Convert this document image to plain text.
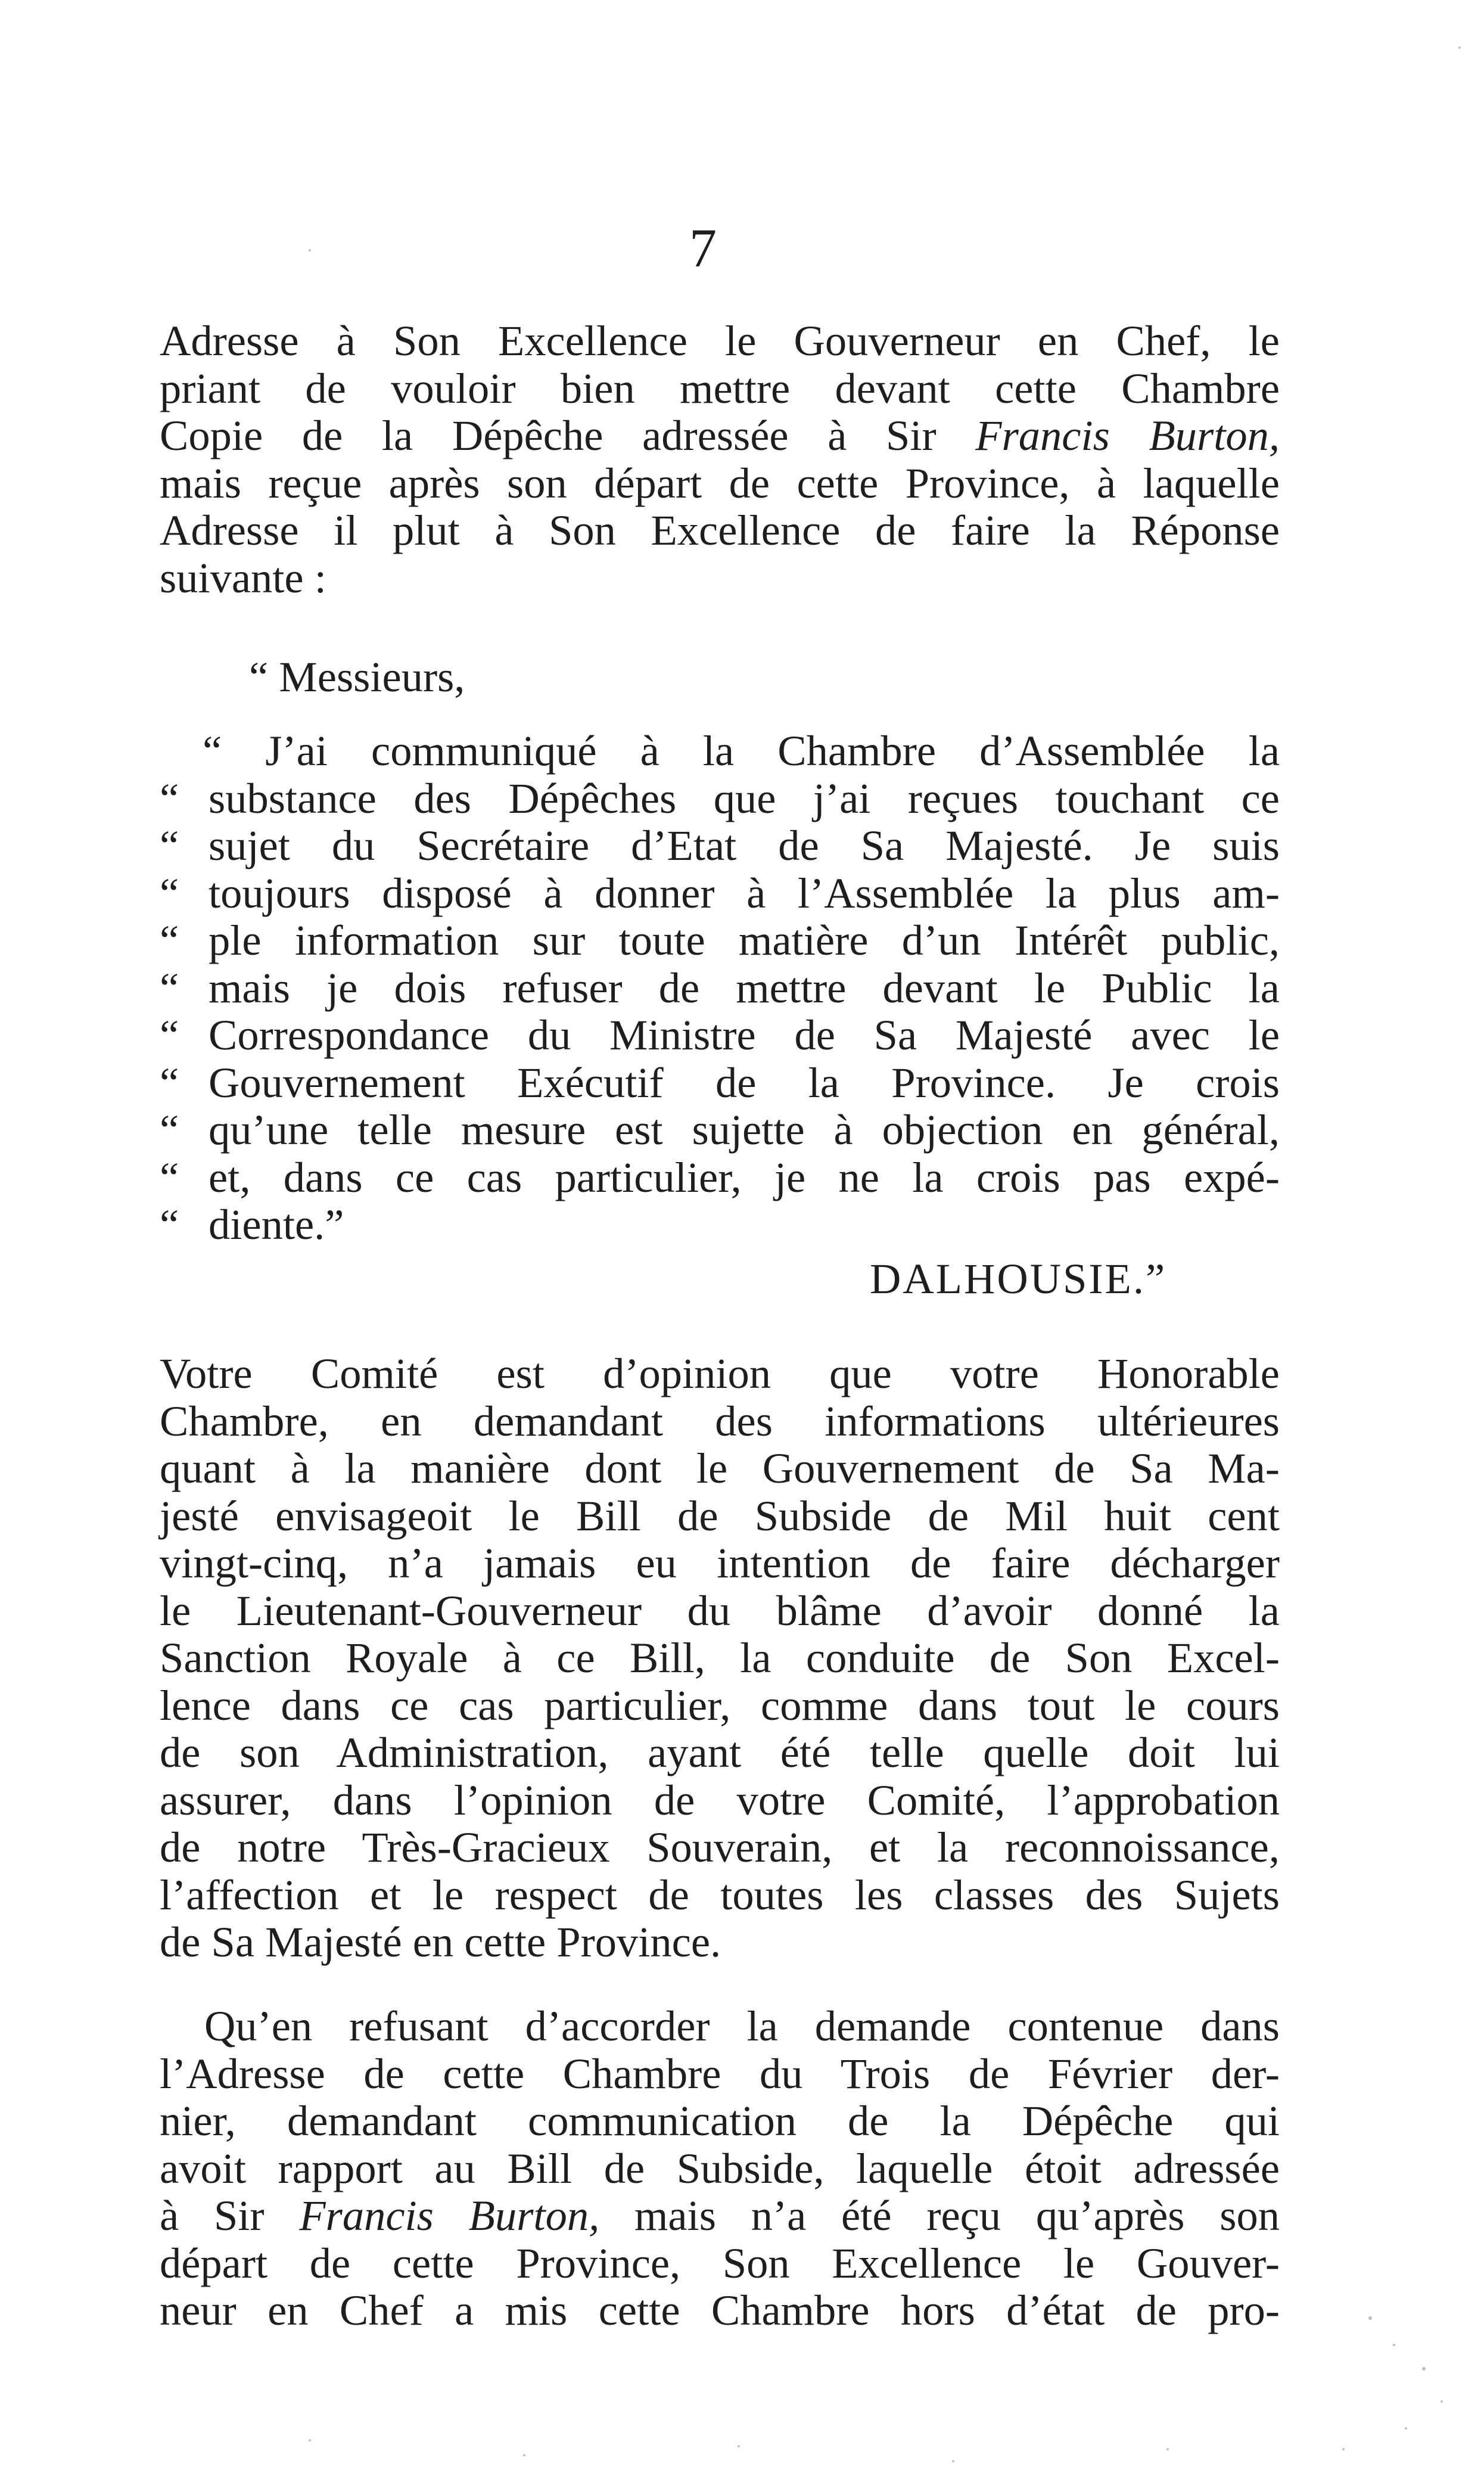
7
Adresse à Son Excellence le Gouverneur en Chef, le
priant de vouloir bien mettre devant cette Chambre
Copie de la Dépêche adressée à Sir Francis Burton,
mais reçue après son départ de cette Province, à laquelle
Adresse il plut à Son Excellence de faire la Réponse
suivante :
“ Messieurs,
“ J’ai communiqué à la Chambre d’Assemblée la
“ substance des Dépêches que j’ai reçues touchant ce
“ sujet du Secrétaire d’Etat de Sa Majesté. Je suis
“ toujours disposé à donner à l’Assemblée la plus am-
“ ple information sur toute matière d’un Intérêt public,
“ mais je dois refuser de mettre devant le Public la
“ Correspondance du Ministre de Sa Majesté avec le
“ Gouvernement Exécutif de la Province. Je crois
“ qu’une telle mesure est sujette à objection en général,
“ et, dans ce cas particulier, je ne la crois pas expé-
“ diente.”
DALHOUSIE.”
Votre Comité est d’opinion que votre Honorable
Chambre, en demandant des informations ultérieures
quant à la manière dont le Gouvernement de Sa Ma-
jesté envisageoit le Bill de Subside de Mil huit cent
vingt-cinq, n’a jamais eu intention de faire décharger
le Lieutenant-Gouverneur du blâme d’avoir donné la
Sanction Royale à ce Bill, la conduite de Son Excel-
lence dans ce cas particulier, comme dans tout le cours
de son Administration, ayant été telle quelle doit lui
assurer, dans l’opinion de votre Comité, l’approbation
de notre Très-Gracieux Souverain, et la reconnoissance,
l’affection et le respect de toutes les classes des Sujets
de Sa Majesté en cette Province.
Qu’en refusant d’accorder la demande contenue dans
l’Adresse de cette Chambre du Trois de Février der-
nier, demandant communication de la Dépêche qui
avoit rapport au Bill de Subside, laquelle étoit adressée
à Sir Francis Burton, mais n’a été reçu qu’après son
départ de cette Province, Son Excellence le Gouver-
neur en Chef a mis cette Chambre hors d’état de pro-
